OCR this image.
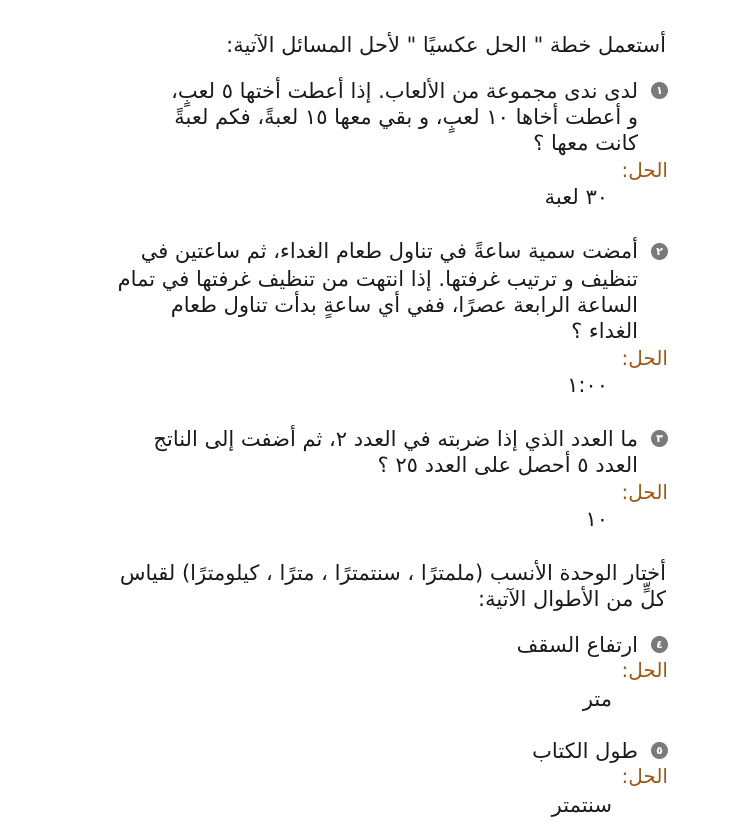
أستعمل خطة " الحل عكسيًا " لأحل المسائل الآتية:
١
لدى ندى مجموعة من الألعاب. إذا أعطت أختها ٥ لعبٍ،
و أعطت أخاها ١٠ لعبٍ، و بقي معها ١٥ لعبةً، فكم لعبةً
كانت معها ؟
الحل:
٣٠ لعبة
٢
أمضت سمية ساعةً في تناول طعام الغداء، ثم ساعتين في
تنظيف و ترتيب غرفتها. إذا انتهت من تنظيف غرفتها في تمام
الساعة الرابعة عصرًا، ففي أي ساعةٍ بدأت تناول طعام
الغداء ؟
الحل:
١:٠٠
٣
ما العدد الذي إذا ضربته في العدد ٢، ثم أضفت إلى الناتج
العدد ٥ أحصل على العدد ٢٥ ؟
الحل:
١٠
أختار الوحدة الأنسب (ملمترًا ، سنتمترًا ، مترًا ، كيلومترًا) لقياس
كلٍّ من الأطوال الآتية:
٤
ارتفاع السقف
الحل:
متر
٥
طول الكتاب
الحل:
سنتمتر
